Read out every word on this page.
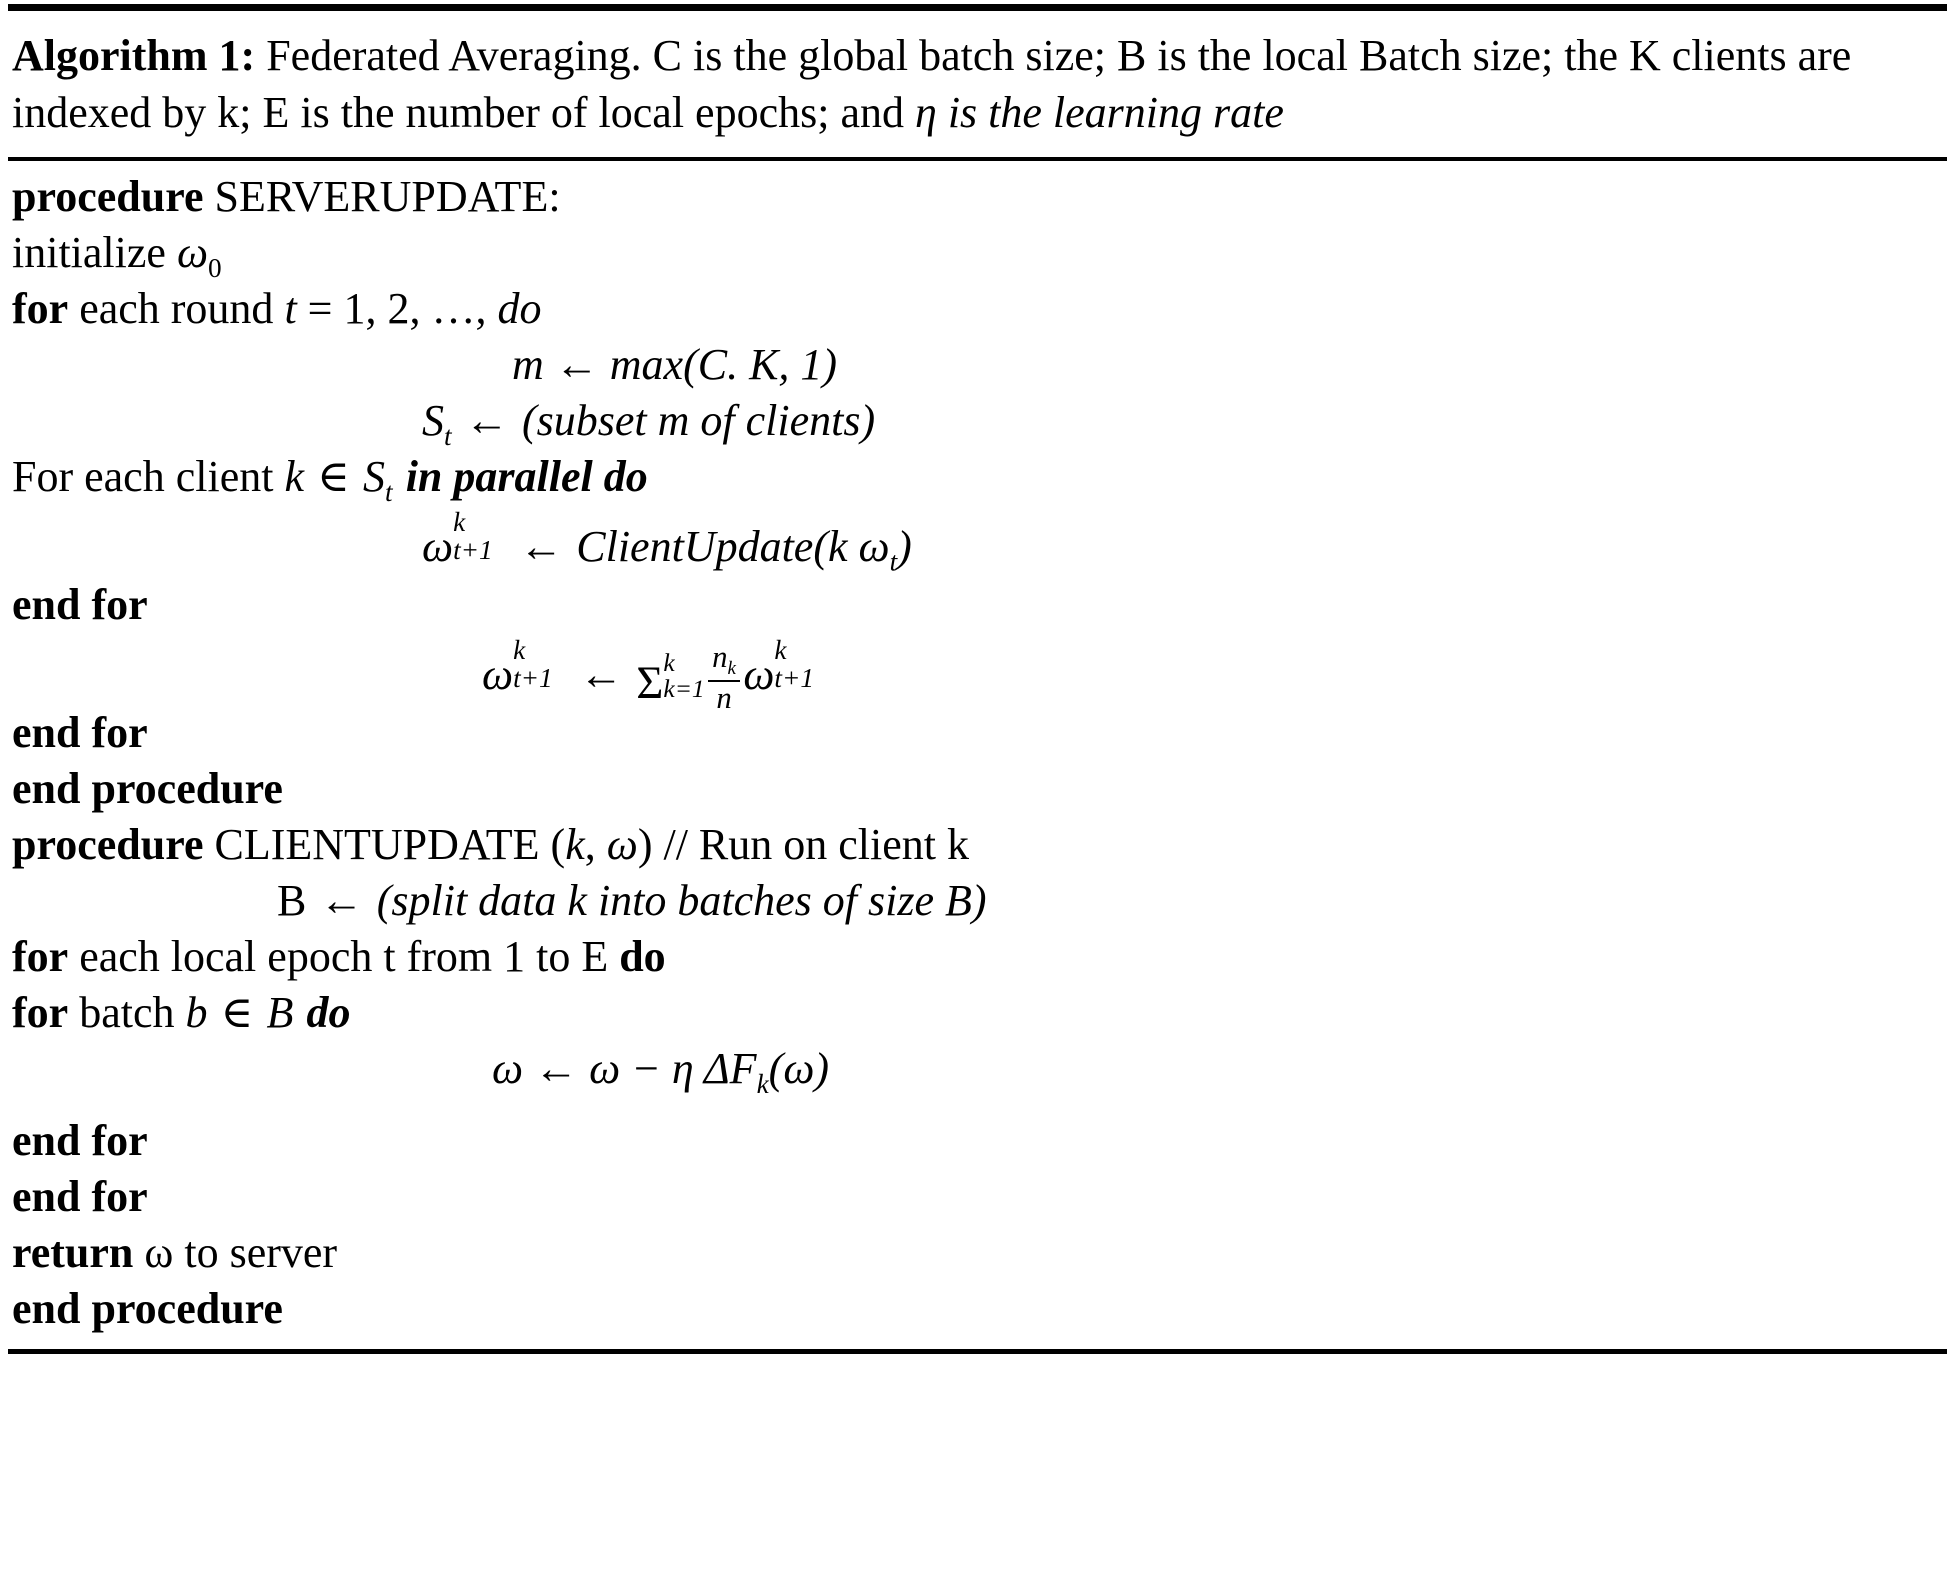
Algorithm 1: Federated Averaging. C is the global batch size; B is the local Batch size; the K clients are indexed by k; E is the number of local epochs; and η is the learning rate
procedure SERVERUPDATE:
initialize $\omega_0$
for each round t = 1, 2, …, do
m ← max(C. K, 1)
$S_t$ ← (subset m of clients)
For each client k ∈ $S_t$ in parallel do
ω k
t+1 ← ClientUpdate(k $\omega_t$)
end for
ω k
t+1 ← Σ k
$k=1 \frac{n_k}{n}$ ω k
t+1
end for
end procedure
procedure CLIENTUPDATE (k, ω) // Run on client k
B ← (split data k into batches of size B)
for each local epoch t from 1 to E do
for batch b ∈ B do
ω ← ω − η $\Delta F_k(\omega)$
end for
end for
return ω to server
end procedure
